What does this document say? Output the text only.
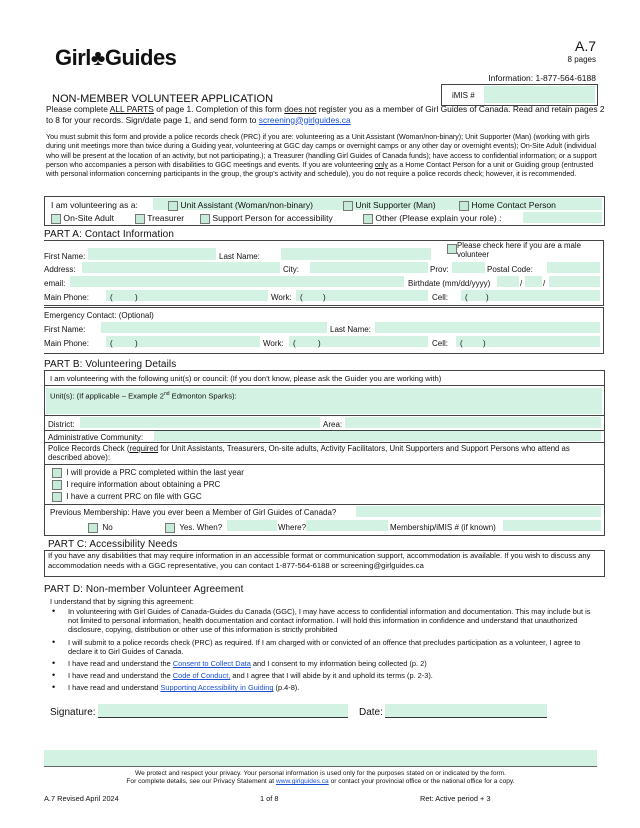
Girl♣Guides	A.7
8 pages
Information: 1-877-564-6188
iMIS #
NON-MEMBER VOLUNTEER APPLICATION
Please complete ALL PARTS of page 1. Completion of this form does not register you as a member of Girl Guides of Canada. Read and retain pages 2 to 8 for your records. Sign/date page 1, and send form to screening@girlguides.ca
You must submit this form and provide a police records check (PRC) if you are: volunteering as a Unit Assistant (Woman/non-binary); Unit Supporter (Man) (working with girls during unit meetings more than twice during a Guiding year, volunteering at GGC day camps or overnight camps or any other day or overnight events); On-Site Adult (individual who will be present at the location of an activity, but not participating.); a Treasurer (handling Girl Guides of Canada funds); have access to confidential information; or a support person who accompanies a person with disabilities to GGC meetings and events. If you are volunteering only as a Home Contact Person for a unit or Guiding group (entrusted with personal information concerning participants in the group, the group’s activity and schedule), you do not require a police records check; however, it is recommended.
I am volunteering as a:	Unit Assistant (Woman/non-binary)	Unit Supporter (Man)	Home Contact Person
On-Site Adult	Treasurer	Support Person for accessibility	Other (Please explain your role) :
PART A: Contact Information
First Name:	Last Name:
Please check here if you are a male volunteer
Address:	City:	Prov:	Postal Code:
email:	Birthdate (mm/dd/yyyy)	/	/
Main Phone:	(	)	Work: (	)	Cell: ( )
Emergency Contact: (Optional)
First Name:	Last Name:
Main Phone:	(	)	Work: (	)	Cell: (	)
PART B: Volunteering Details
I am volunteering with the following unit(s) or council: (If you don’t know, please ask the Guider you are working with)
Unit(s): (If applicable – Example 2nd Edmonton Sparks):
District:	Area:
Administrative Community:
Police Records Check (required for Unit Assistants, Treasurers, On-site adults, Activity Facilitators, Unit Supporters and Support Persons who attend as described above):
I will provide a PRC completed within the last year
I require information about obtaining a PRC
I have a current PRC on file with GGC
Previous Membership: Have you ever been a Member of Girl Guides of Canada?
No	Yes. When?	Where?	Membership/iMIS # (if known)
PART C: Accessibility Needs
If you have any disabilities that may require information in an accessible format or communication support, accommodation is available. If you wish to discuss any accommodation needs with a GGC representative, you can contact 1-877-564-6188 or screening@girlguides.ca
PART D: Non-member Volunteer Agreement
I understand that by signing this agreement:
• In volunteering with Girl Guides of Canada-Guides du Canada (GGC), I may have access to confidential information and documentation. This may include but is not limited to personal information, health documentation and contact information. I will hold this information in confidence and understand that unauthorized disclosure, copying, distribution or other use of this information is strictly prohibited
• I will submit to a police records check (PRC) as required. If I am charged with or convicted of an offence that precludes participation as a volunteer, I agree to declare it to Girl Guides of Canada.
• I have read and understand the Consent to Collect Data and I consent to my information being collected (p. 2)
• I have read and understand the Code of Conduct, and I agree that I will abide by it and uphold its terms (p. 2-3).
• I have read and understand Supporting Accessibility in Guiding (p.4-8).
Signature:	Date:
We protect and respect your privacy. Your personal information is used only for the purposes stated on or indicated by the form.
For complete details, see our Privacy Statement at www.girlguides.ca or contact your provincial office or the national office for a copy.
A.7 Revised April 2024	1 of 8	Ret: Active period + 3
